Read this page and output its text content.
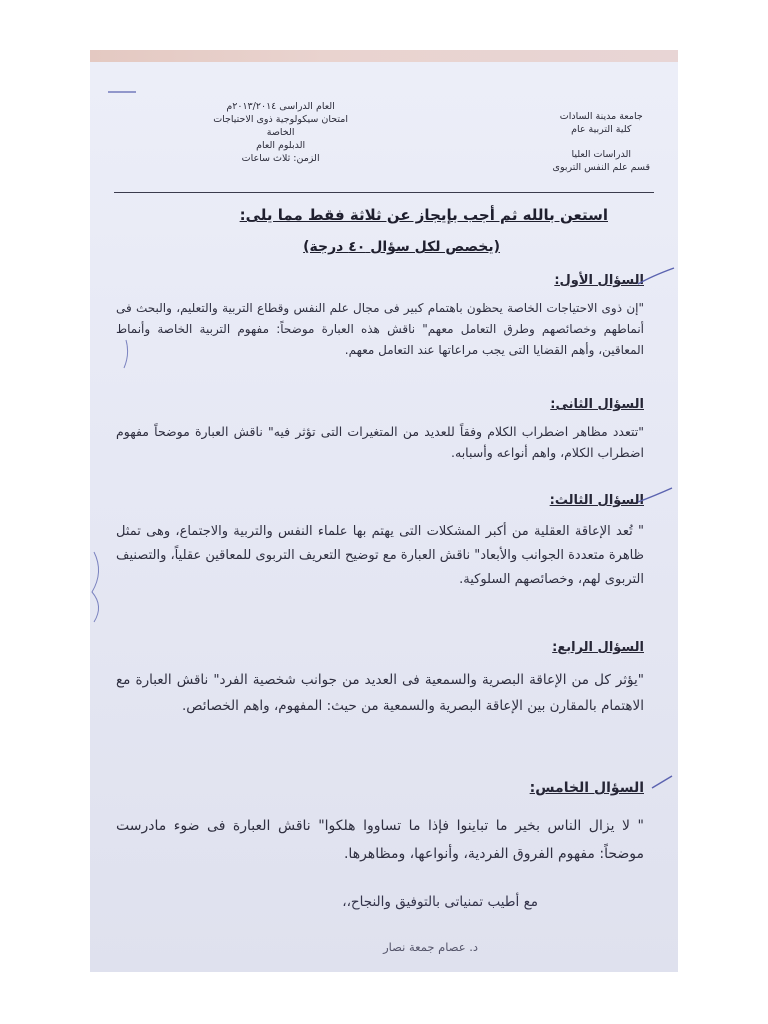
جامعة مدينة السادات
كلية التربية عام
الدراسات العليا
قسم علم النفس التربوى
العام الدراسى ٢٠١٣/٢٠١٤م
امتحان سيكولوجية ذوى الاحتياجات
الخاصة
الدبلوم العام
الزمن: ثلاث ساعات
استعن بالله ثم أجب بإيجاز عن ثلاثة فقط مما يلى:
(يخصص لكل سؤال ٤٠ درجة)
السؤال الأول:
"إن ذوى الاحتياجات الخاصة يحظون باهتمام كبير فى مجال علم النفس وقطاع التربية والتعليم، والبحث فى أنماطهم وخصائصهم وطرق التعامل معهم" ناقش هذه العبارة موضحاً: مفهوم التربية الخاصة وأنماط المعاقين، وأهم القضايا التى يجب مراعاتها عند التعامل معهم.
السؤال الثانى:
"تتعدد مظاهر اضطراب الكلام وفقاً للعديد من المتغيرات التى تؤثر فيه" ناقش العبارة موضحاً مفهوم اضطراب الكلام، واهم أنواعه وأسبابه.
السؤال الثالث:
" تُعد الإعاقة العقلية من أكبر المشكلات التى يهتم بها علماء النفس والتربية والاجتماع، وهى تمثل ظاهرة متعددة الجوانب والأبعاد" ناقش العبارة مع توضيح التعريف التربوى للمعاقين عقلياً، والتصنيف التربوى لهم، وخصائصهم السلوكية.
السؤال الرابع:
"يؤثر كل من الإعاقة البصرية والسمعية فى العديد من جوانب شخصية الفرد" ناقش العبارة مع الاهتمام بالمقارن بين الإعاقة البصرية والسمعية من حيث: المفهوم، واهم الخصائص.
السؤال الخامس:
" لا يزال الناس بخير ما تباينوا فإذا ما تساووا هلكوا" ناقش العبارة فى ضوء مادرست موضحاً: مفهوم الفروق الفردية، وأنواعها، ومظاهرها.
مع أطيب تمنياتى بالتوفيق والنجاح،،
د. عصام جمعة نصار
